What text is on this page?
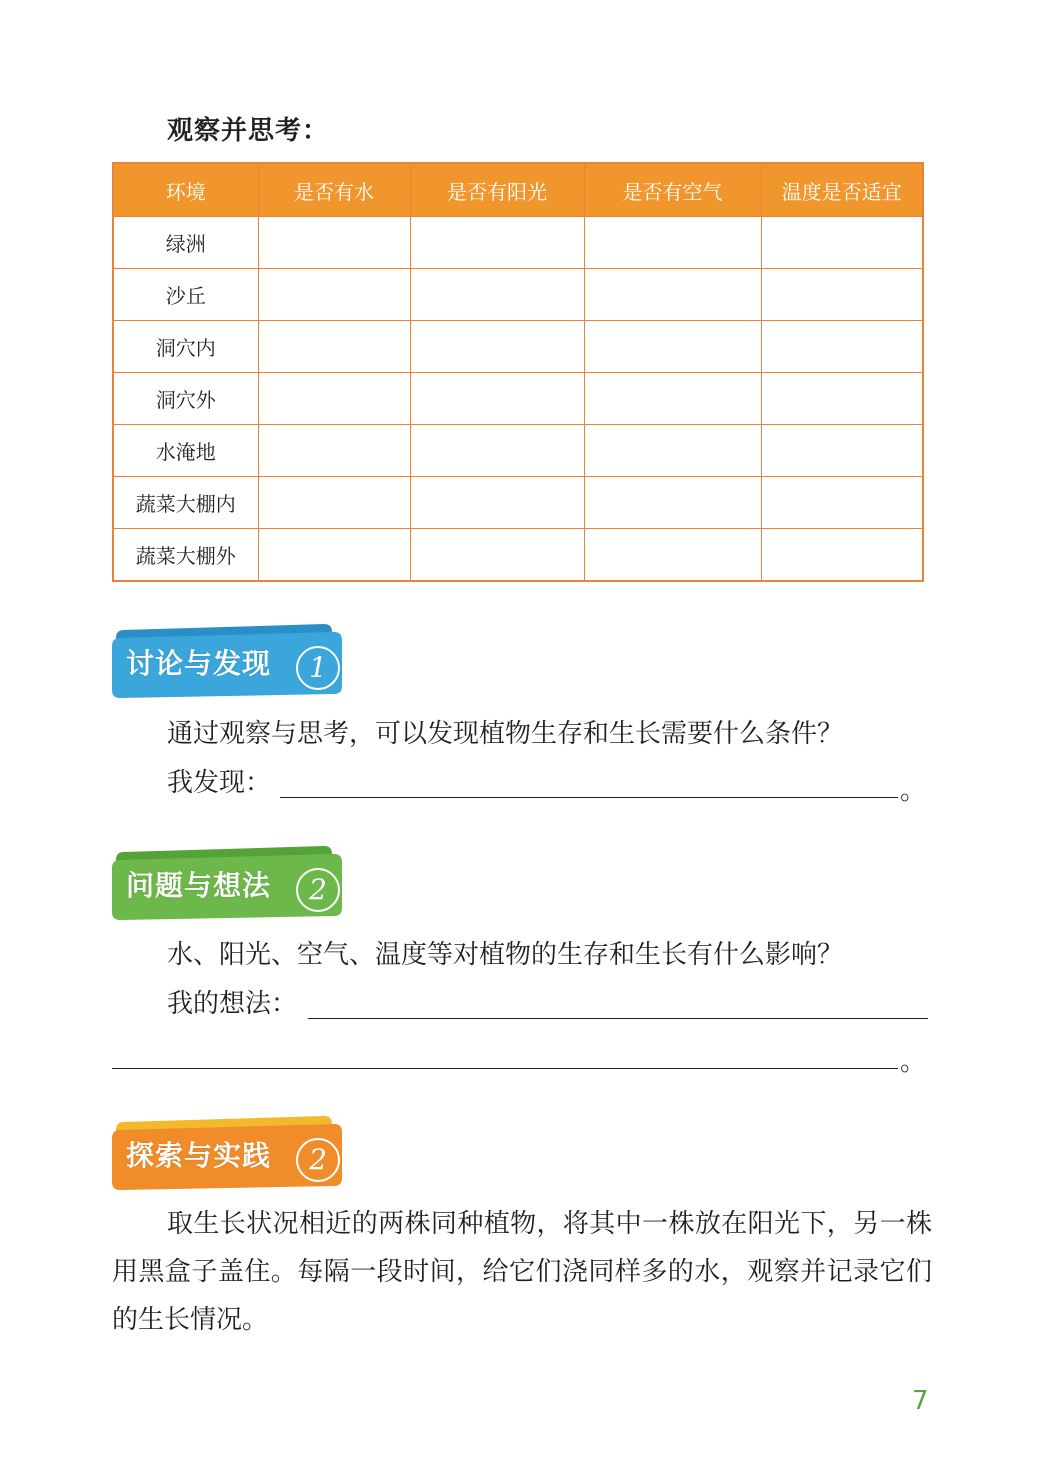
观察并思考：
环境	是否有水	是否有阳光	是否有空气	温度是否适宜
绿洲				
沙丘				
洞穴内				
洞穴外				
水淹地				
蔬菜大棚内				
蔬菜大棚外				
讨论与发现	1
通过观察与思考，可以发现植物生存和生长需要什么条件？
我发现：	。
问题与想法	2
水、阳光、空气、温度等对植物的生存和生长有什么影响？
我的想法：
。
探索与实践	2
取生长状况相近的两株同种植物，将其中一株放在阳光下，另一株用黑盒子盖住。每隔一段时间，给它们浇同样多的水，观察并记录它们的生长情况。
7
